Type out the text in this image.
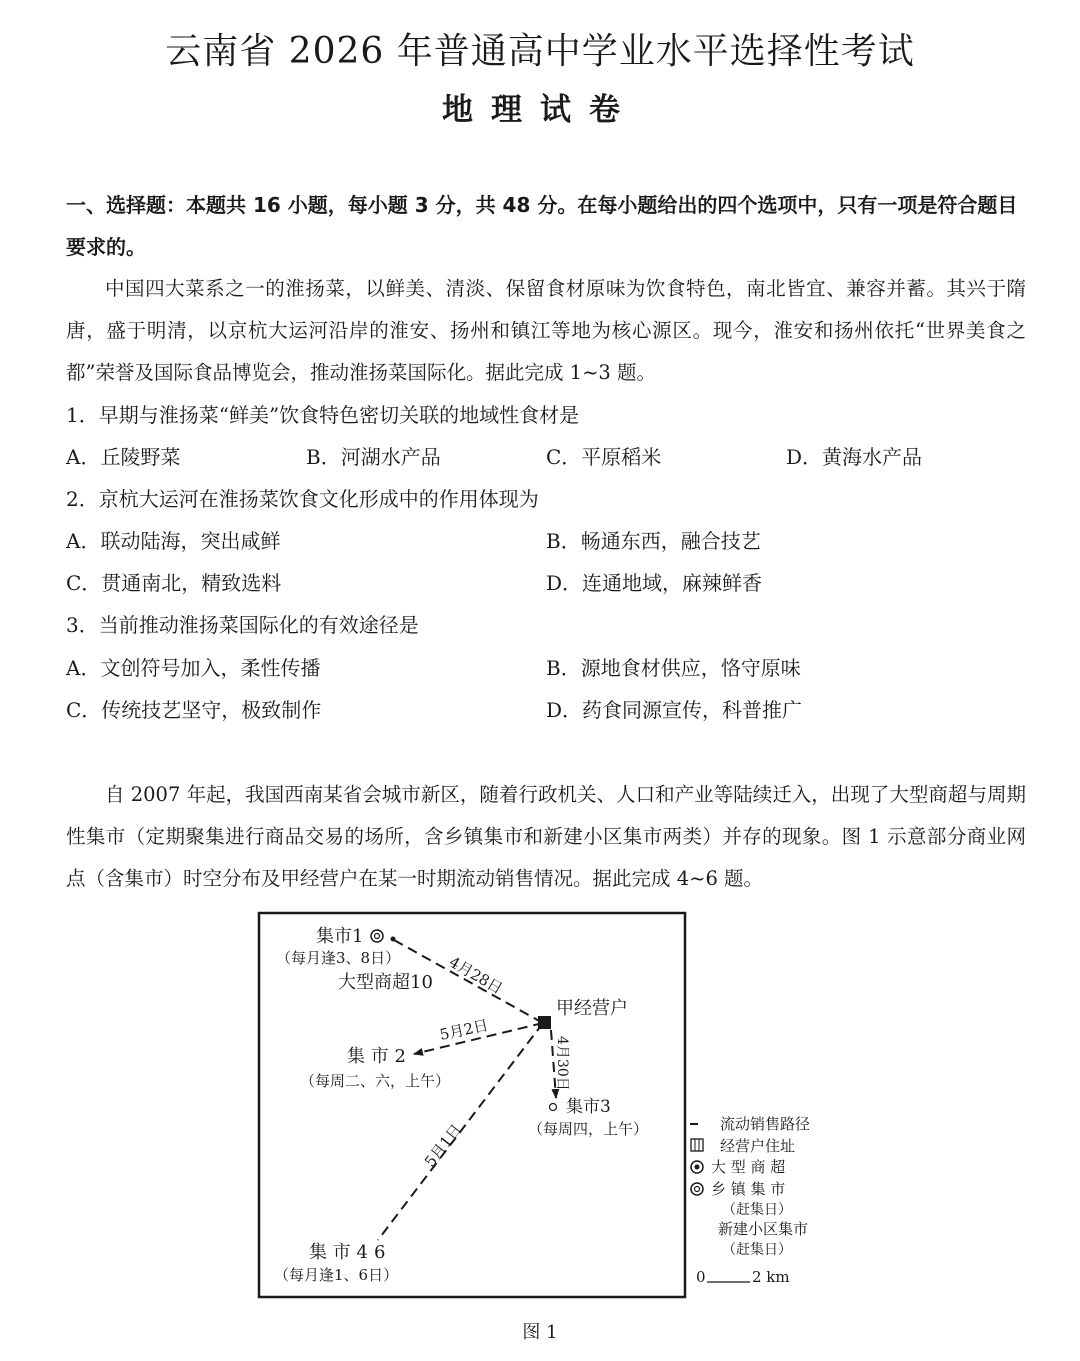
云南省 2026 年普通高中学业水平选择性考试
地理试卷
一、选择题：本题共 16 小题，每小题 3 分，共 48 分。在每小题给出的四个选项中，只有一项是符合题目要求的。
中国四大菜系之一的淮扬菜，以鲜美、清淡、保留食材原味为饮食特色，南北皆宜、兼容并蓄。其兴于隋唐，盛于明清，以京杭大运河沿岸的淮安、扬州和镇江等地为核心源区。现今，淮安和扬州依托“世界美食之都”荣誉及国际食品博览会，推动淮扬菜国际化。据此完成 1~3 题。
1．早期与淮扬菜“鲜美”饮食特色密切关联的地域性食材是
A．丘陵野菜	B．河湖水产品	C．平原稻米	D．黄海水产品
2．京杭大运河在淮扬菜饮食文化形成中的作用体现为
A．联动陆海，突出咸鲜	B．畅通东西，融合技艺
C．贯通南北，精致选料	D．连通地域，麻辣鲜香
3．当前推动淮扬菜国际化的有效途径是
A．文创符号加入，柔性传播	B．源地食材供应，恪守原味
C．传统技艺坚守，极致制作	D．药食同源宣传，科普推广
自 2007 年起，我国西南某省会城市新区，随着行政机关、人口和产业等陆续迁入，出现了大型商超与周期性集市（定期聚集进行商品交易的场所，含乡镇集市和新建小区集市两类）并存的现象。图 1 示意部分商业网点（含集市）时空分布及甲经营户在某一时期流动销售情况。据此完成 4~6 题。
集市1
（每月逢3、8日）
大型商超10 4月28日
甲经营户
5月2日
4月30日
集 市 2
（每周二、六，上午）
集市3
（每周四，上午）
5月1日
集 市 4 6
（每月逢1、6日）
流动销售路径
经营户住址
大 型 商 超
乡 镇 集 市
（赶集日）
新建小区集市
（赶集日）
0	2 km
图 1
